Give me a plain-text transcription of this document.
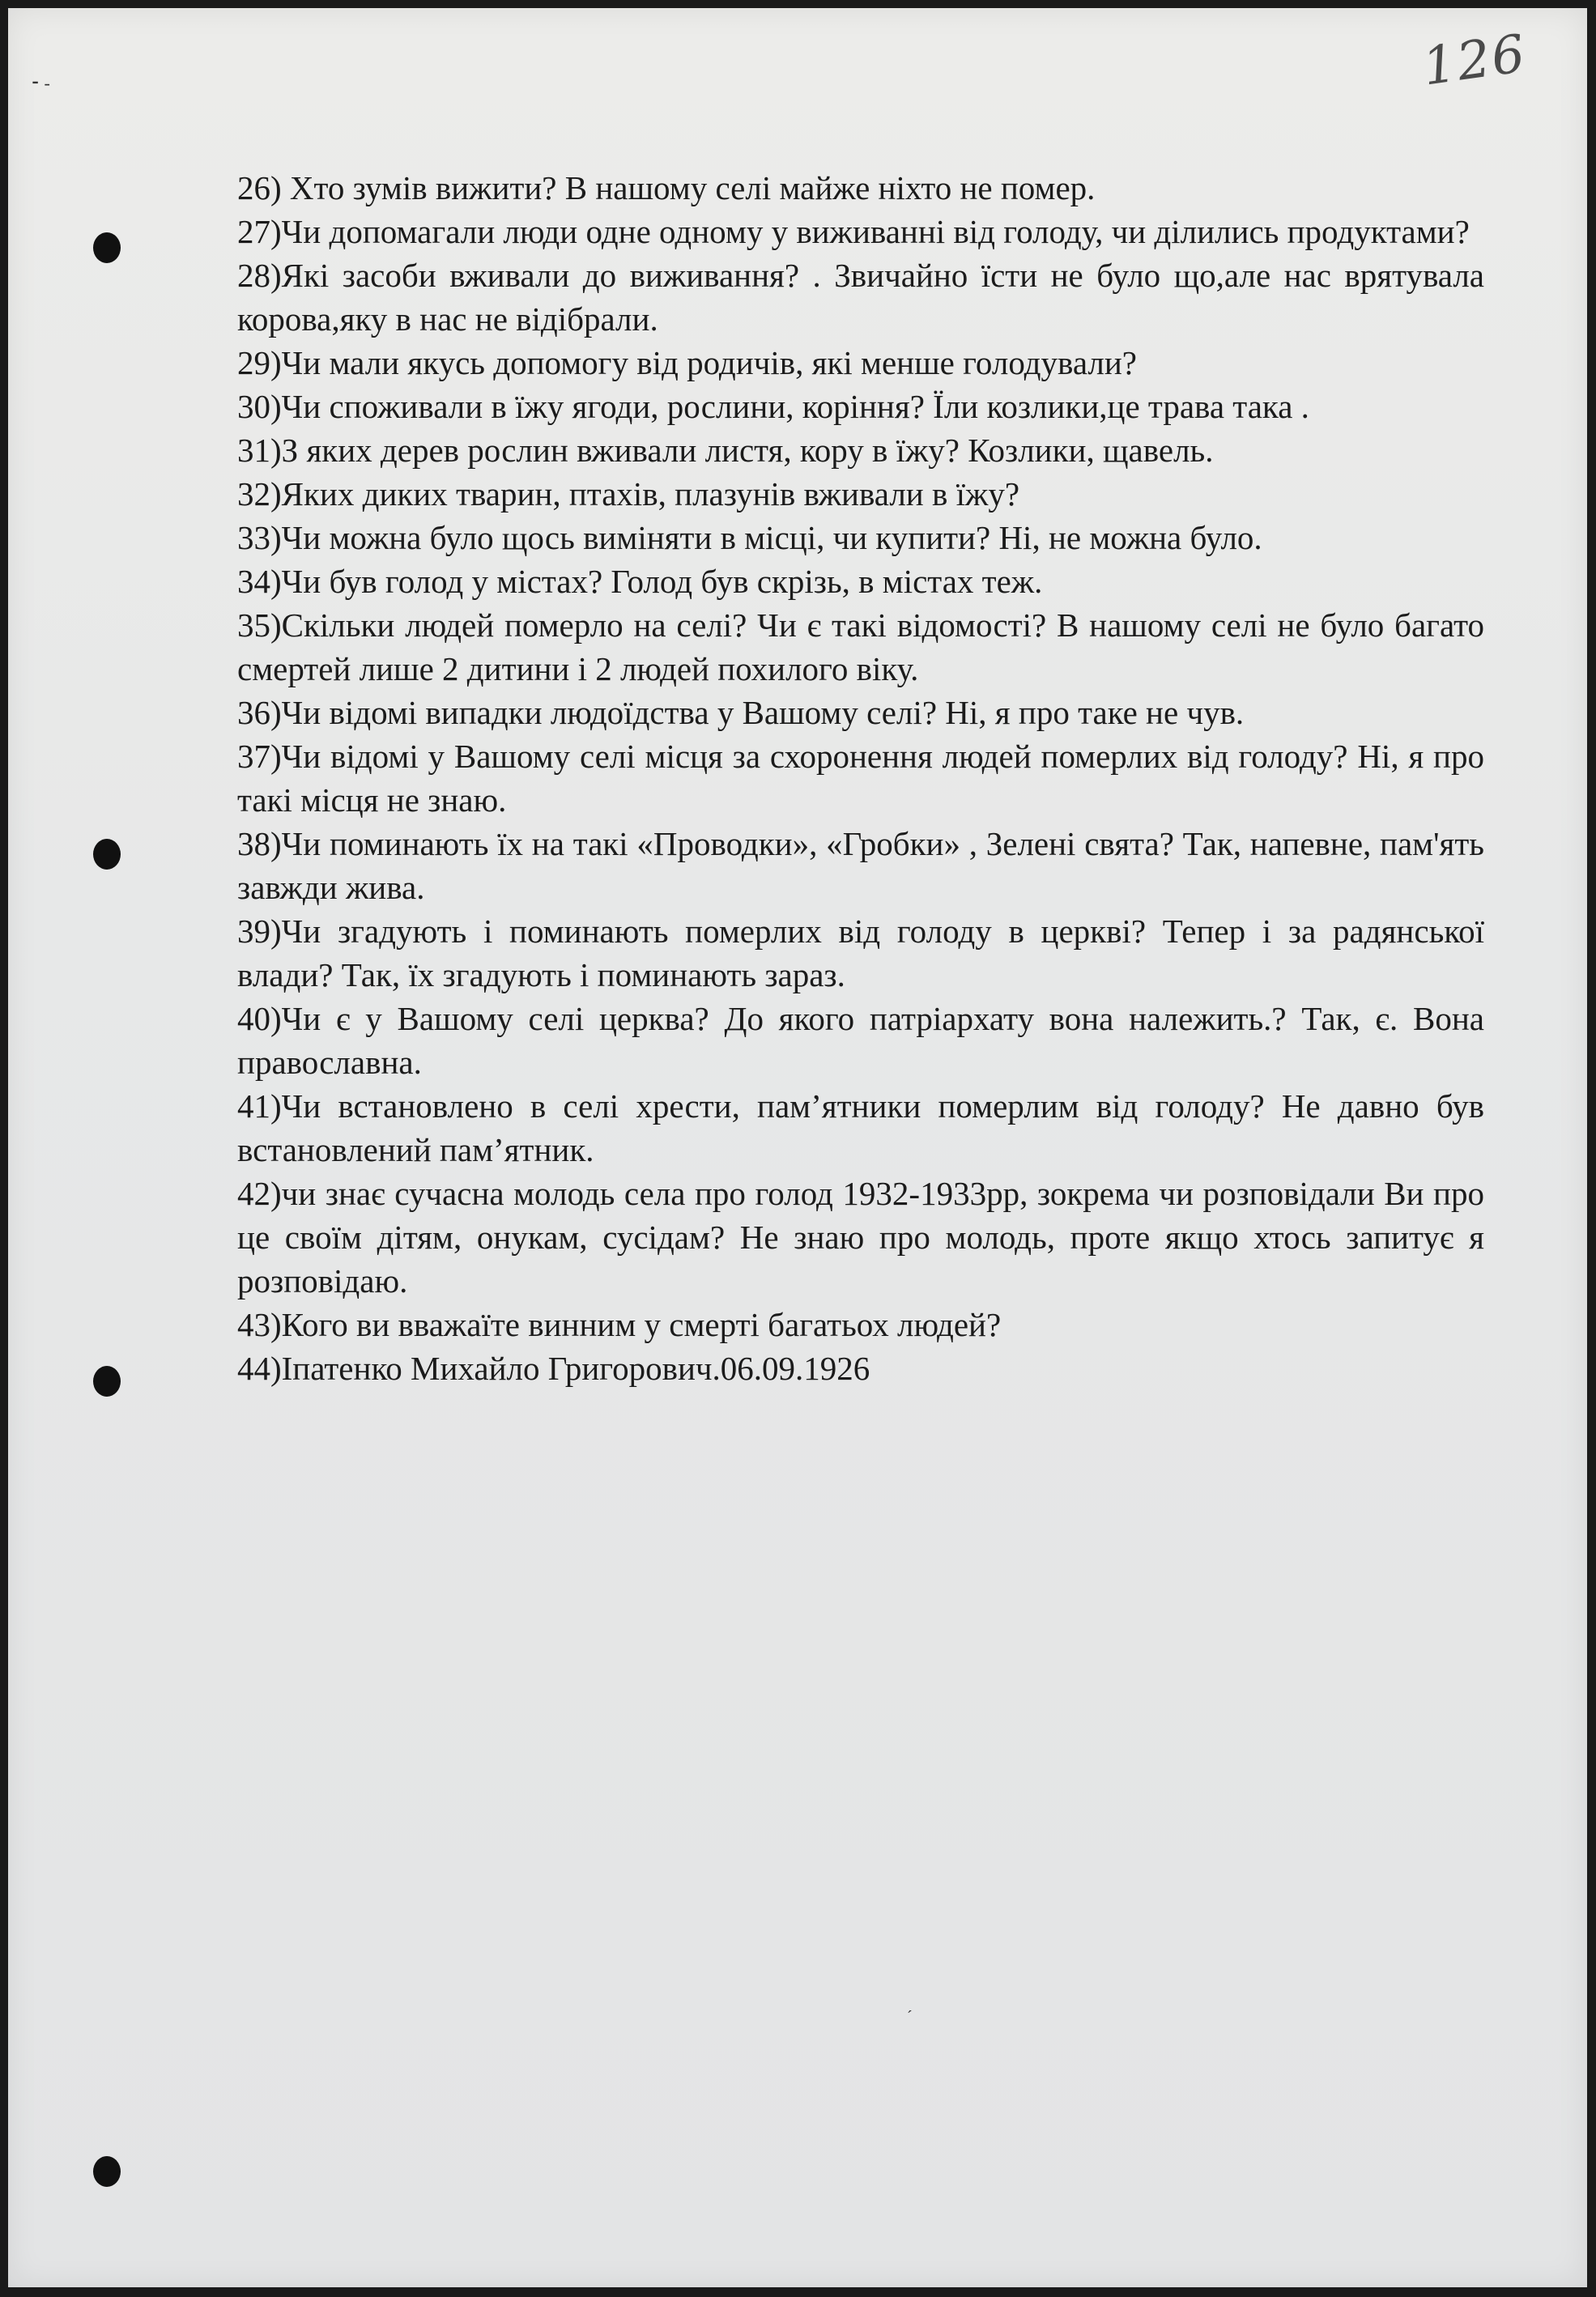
126
⁃ ‐

26) Хто зумів вижити? В нашому селі майже ніхто не помер.

27)Чи допомагали люди одне одному у виживанні від голоду, чи ділились продуктами?

28)Які засоби вживали до виживання? . Звичайно їсти не було що,але нас врятувала корова,яку в нас не відібрали.

29)Чи мали якусь допомогу від родичів, які менше голодували?

30)Чи споживали в їжу ягоди, рослини, коріння? Їли козлики,це трава така .

31)З яких дерев рослин вживали листя, кору в їжу? Козлики, щавель.

32)Яких диких тварин, птахів, плазунів вживали в їжу?

33)Чи можна було щось виміняти в місці, чи купити? Ні, не можна було.

34)Чи був голод у містах? Голод був скрізь, в містах теж.

35)Скільки людей померло на селі? Чи є такі відомості? В нашому селі не було багато смертей лише 2 дитини і 2 людей похилого віку.

36)Чи відомі випадки людоїдства у Вашому селі? Ні, я про таке не чув.

37)Чи відомі у Вашому селі місця за схоронення людей померлих від голоду? Ні, я про такі місця не знаю.

38)Чи поминають їх на такі «Проводки», «Гробки» , Зелені свята? Так, напевне, пам'ять завжди жива.

39)Чи згадують і поминають померлих від голоду в церкві? Тепер і за радянської влади? Так, їх згадують і поминають зараз.

40)Чи є у Вашому селі церква? До якого патріархату вона належить.? Так, є. Вона православна.

41)Чи встановлено в селі хрести, пам’ятники померлим від голоду? Не давно був встановлений пам’ятник.

42)чи знає сучасна молодь села про голод 1932-1933рр, зокрема чи розповідали Ви про це своїм дітям, онукам, сусідам? Не знаю про молодь, проте якщо хтось запитує я розповідаю.

43)Кого ви вважаїте винним у смерті багатьох людей?

44)Іпатенко Михайло Григорович.06.09.1926

ˊ
